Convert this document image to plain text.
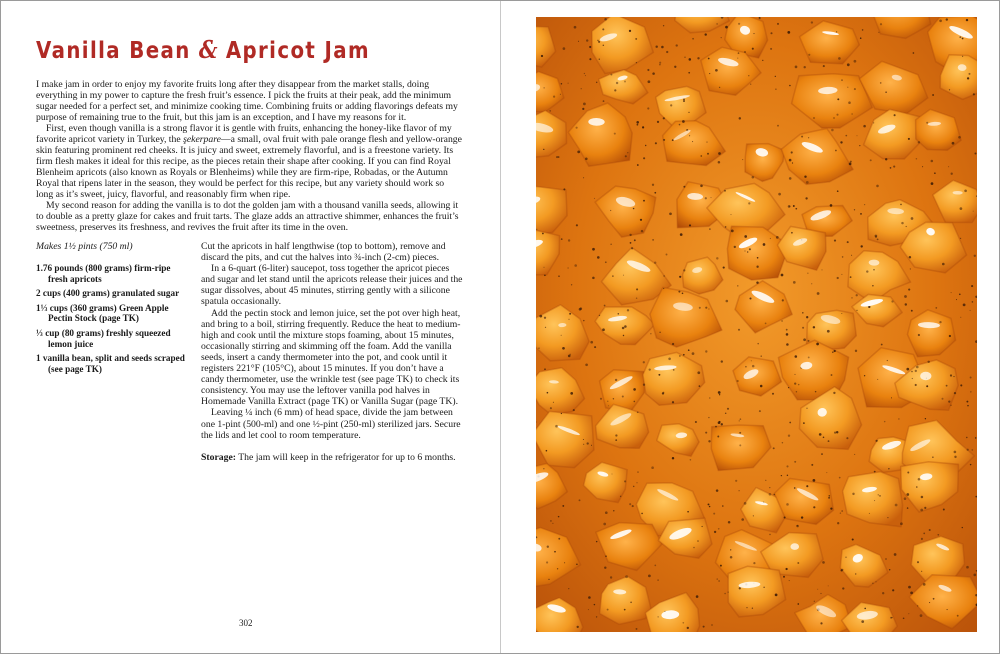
Vanilla Bean & Apricot Jam

I make jam in order to enjoy my favorite fruits long after they disappear from the market stalls, doing everything in my power to capture the fresh fruit’s essence. I pick the fruits at their peak, add the minimum sugar needed for a perfect set, and minimize cooking time. Combining fruits or adding flavorings defeats my purpose of remaining true to the fruit, but this jam is an exception, and I have my reasons for it.

First, even though vanilla is a strong flavor it is gentle with fruits, enhancing the honey-like flavor of my favorite apricot variety in Turkey, the şekerpare—a small, oval fruit with pale orange flesh and yellow-orange skin featuring prominent red cheeks. It is juicy and sweet, extremely flavorful, and is a freestone variety. Its firm flesh makes it ideal for this recipe, as the pieces retain their shape after cooking. If you can find Royal Blenheim apricots (also known as Royals or Blenheims) while they are firm-ripe, Robadas, or the Autumn Royal that ripens later in the season, they would be perfect for this recipe, but any variety should work so long as it’s sweet, juicy, flavorful, and reasonably firm when ripe.

My second reason for adding the vanilla is to dot the golden jam with a thousand vanilla seeds, allowing it to double as a pretty glaze for cakes and fruit tarts. The glaze adds an attractive shimmer, enhances the fruit’s sweetness, preserves its freshness, and revives the fruit after its time in the oven.

Makes 1½ pints (750 ml)

1.76 pounds (800 grams) firm-ripe fresh apricots
2 cups (400 grams) granulated sugar
1⅓ cups (360 grams) Green Apple Pectin Stock (page TK)
⅓ cup (80 grams) freshly squeezed lemon juice
1 vanilla bean, split and seeds scraped (see page TK)

Cut the apricots in half lengthwise (top to bottom), remove and discard the pits, and cut the halves into ¾-inch (2-cm) pieces.

In a 6-quart (6-liter) saucepot, toss together the apricot pieces and sugar and let stand until the apricots release their juices and the sugar dissolves, about 45 minutes, stirring gently with a silicone spatula occasionally.

Add the pectin stock and lemon juice, set the pot over high heat, and bring to a boil, stirring frequently. Reduce the heat to medium-high and cook until the mixture stops foaming, about 15 minutes, occasionally stirring and skimming off the foam. Add the vanilla seeds, insert a candy thermometer into the pot, and cook until it registers 221°F (105°C), about 15 minutes. If you don’t have a candy thermometer, use the wrinkle test (see page TK) to check its consistency. You may use the leftover vanilla pod halves in Homemade Vanilla Extract (page TK) or Vanilla Sugar (page TK).

Leaving ¼ inch (6 mm) of head space, divide the jam between one 1-pint (500-ml) and one ½-pint (250-ml) sterilized jars. Secure the lids and let cool to room temperature.

Storage: The jam will keep in the refrigerator for up to 6 months.

302
